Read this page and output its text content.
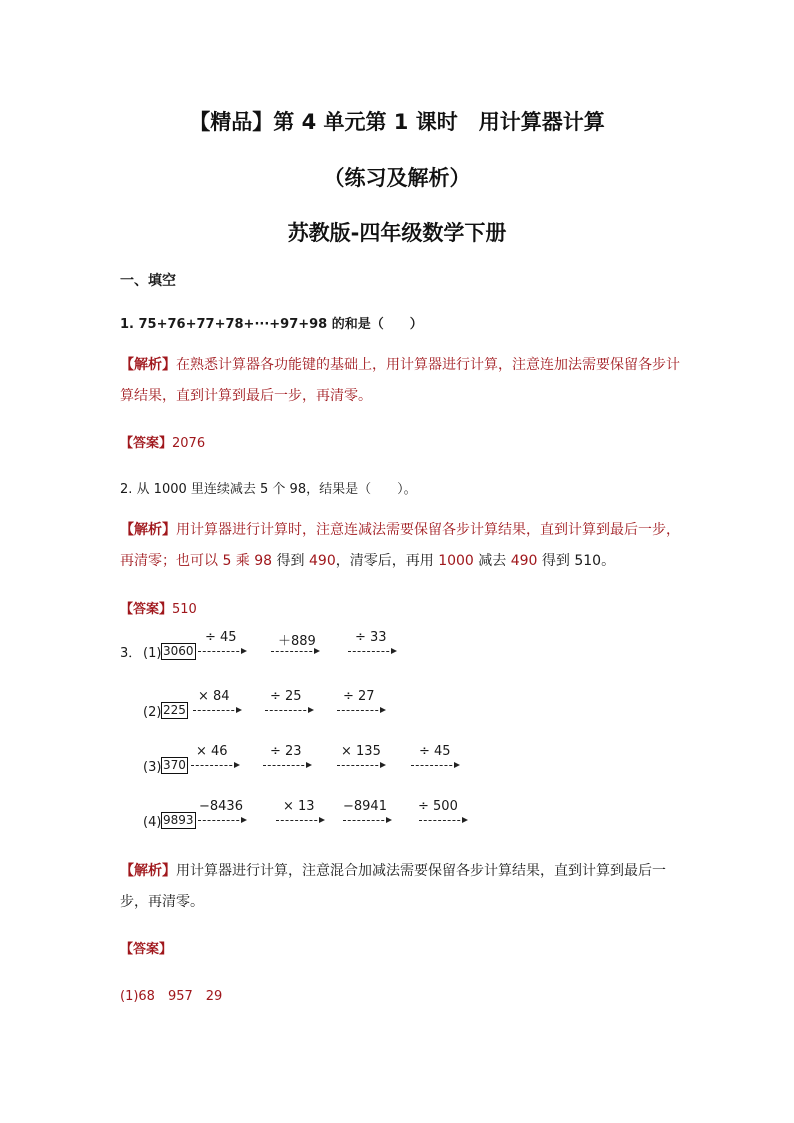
【精品】第 4 单元第 1 课时　用计算器计算
（练习及解析）
苏教版-四年级数学下册
一、填空
1. 75+76+77+78+···+97+98 的和是（　　）
【解析】在熟悉计算器各功能键的基础上，用计算器进行计算，注意连加法需要保留各步计算结果，直到计算到最后一步，再清零。
【答案】2076
2. 从 1000 里连续减去 5 个 98，结果是（　　）。
【解析】用计算器进行计算时，注意连减法需要保留各步计算结果，直到计算到最后一步，再清零；也可以 5 乘 98 得到 490，清零后，再用 1000 减去 490 得到 510。
【答案】510
3． (1) 3060
÷ 45	＋889	÷ 33
(2) 225
× 84	÷ 25	÷ 27
(3) 370
× 46	÷ 23	× 135	÷ 45
(4) 9893
−8436	× 13 −8941 ÷ 500
【解析】用计算器进行计算，注意混合加减法需要保留各步计算结果，直到计算到最后一步，再清零。
【答案】
(1)68　957　29
